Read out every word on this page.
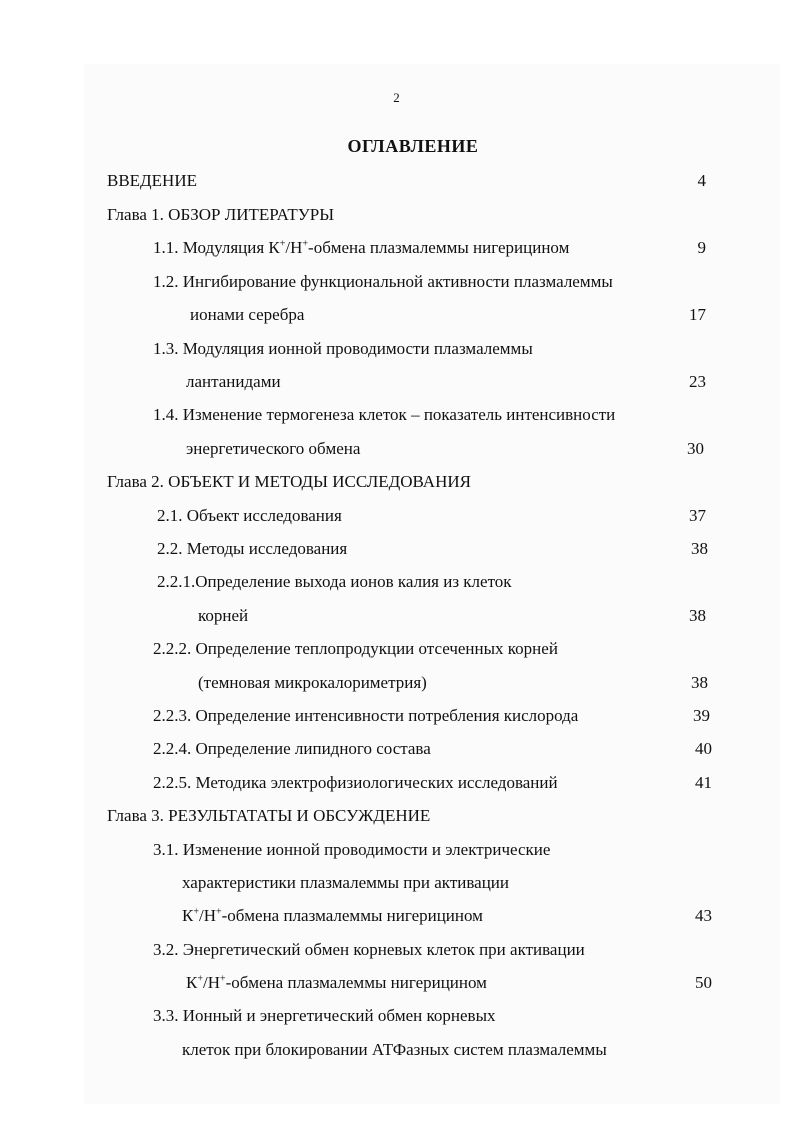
2
ОГЛАВЛЕНИЕ
ВВЕДЕНИЕ	4
Глава 1. ОБЗОР ЛИТЕРАТУРЫ
1.1. Модуляция К+/Н+-обмена плазмалеммы нигерицином	9
1.2. Ингибирование функциональной активности плазмалеммы
ионами серебра	17
1.3. Модуляция ионной проводимости плазмалеммы
лантанидами	23
1.4. Изменение термогенеза клеток – показатель интенсивности
энергетического обмена	30
Глава 2. ОБЪЕКТ И МЕТОДЫ ИССЛЕДОВАНИЯ
2.1. Объект исследования	37
2.2. Методы исследования	38
2.2.1.Определение выхода ионов калия из клеток
корней	38
2.2.2. Определение теплопродукции отсеченных корней
(темновая микрокалориметрия)	38
2.2.3. Определение интенсивности потребления кислорода	39
2.2.4. Определение липидного состава	40
2.2.5. Методика электрофизиологических исследований	41
Глава 3. РЕЗУЛЬТАТАТЫ И ОБСУЖДЕНИЕ
3.1. Изменение ионной проводимости и электрические
характеристики плазмалеммы при активации
К+/Н+-обмена плазмалеммы нигерицином	43
3.2. Энергетический обмен корневых клеток при активации
К+/Н+-обмена плазмалеммы нигерицином	50
3.3. Ионный и энергетический обмен корневых
клеток при блокировании АТФазных систем плазмалеммы
